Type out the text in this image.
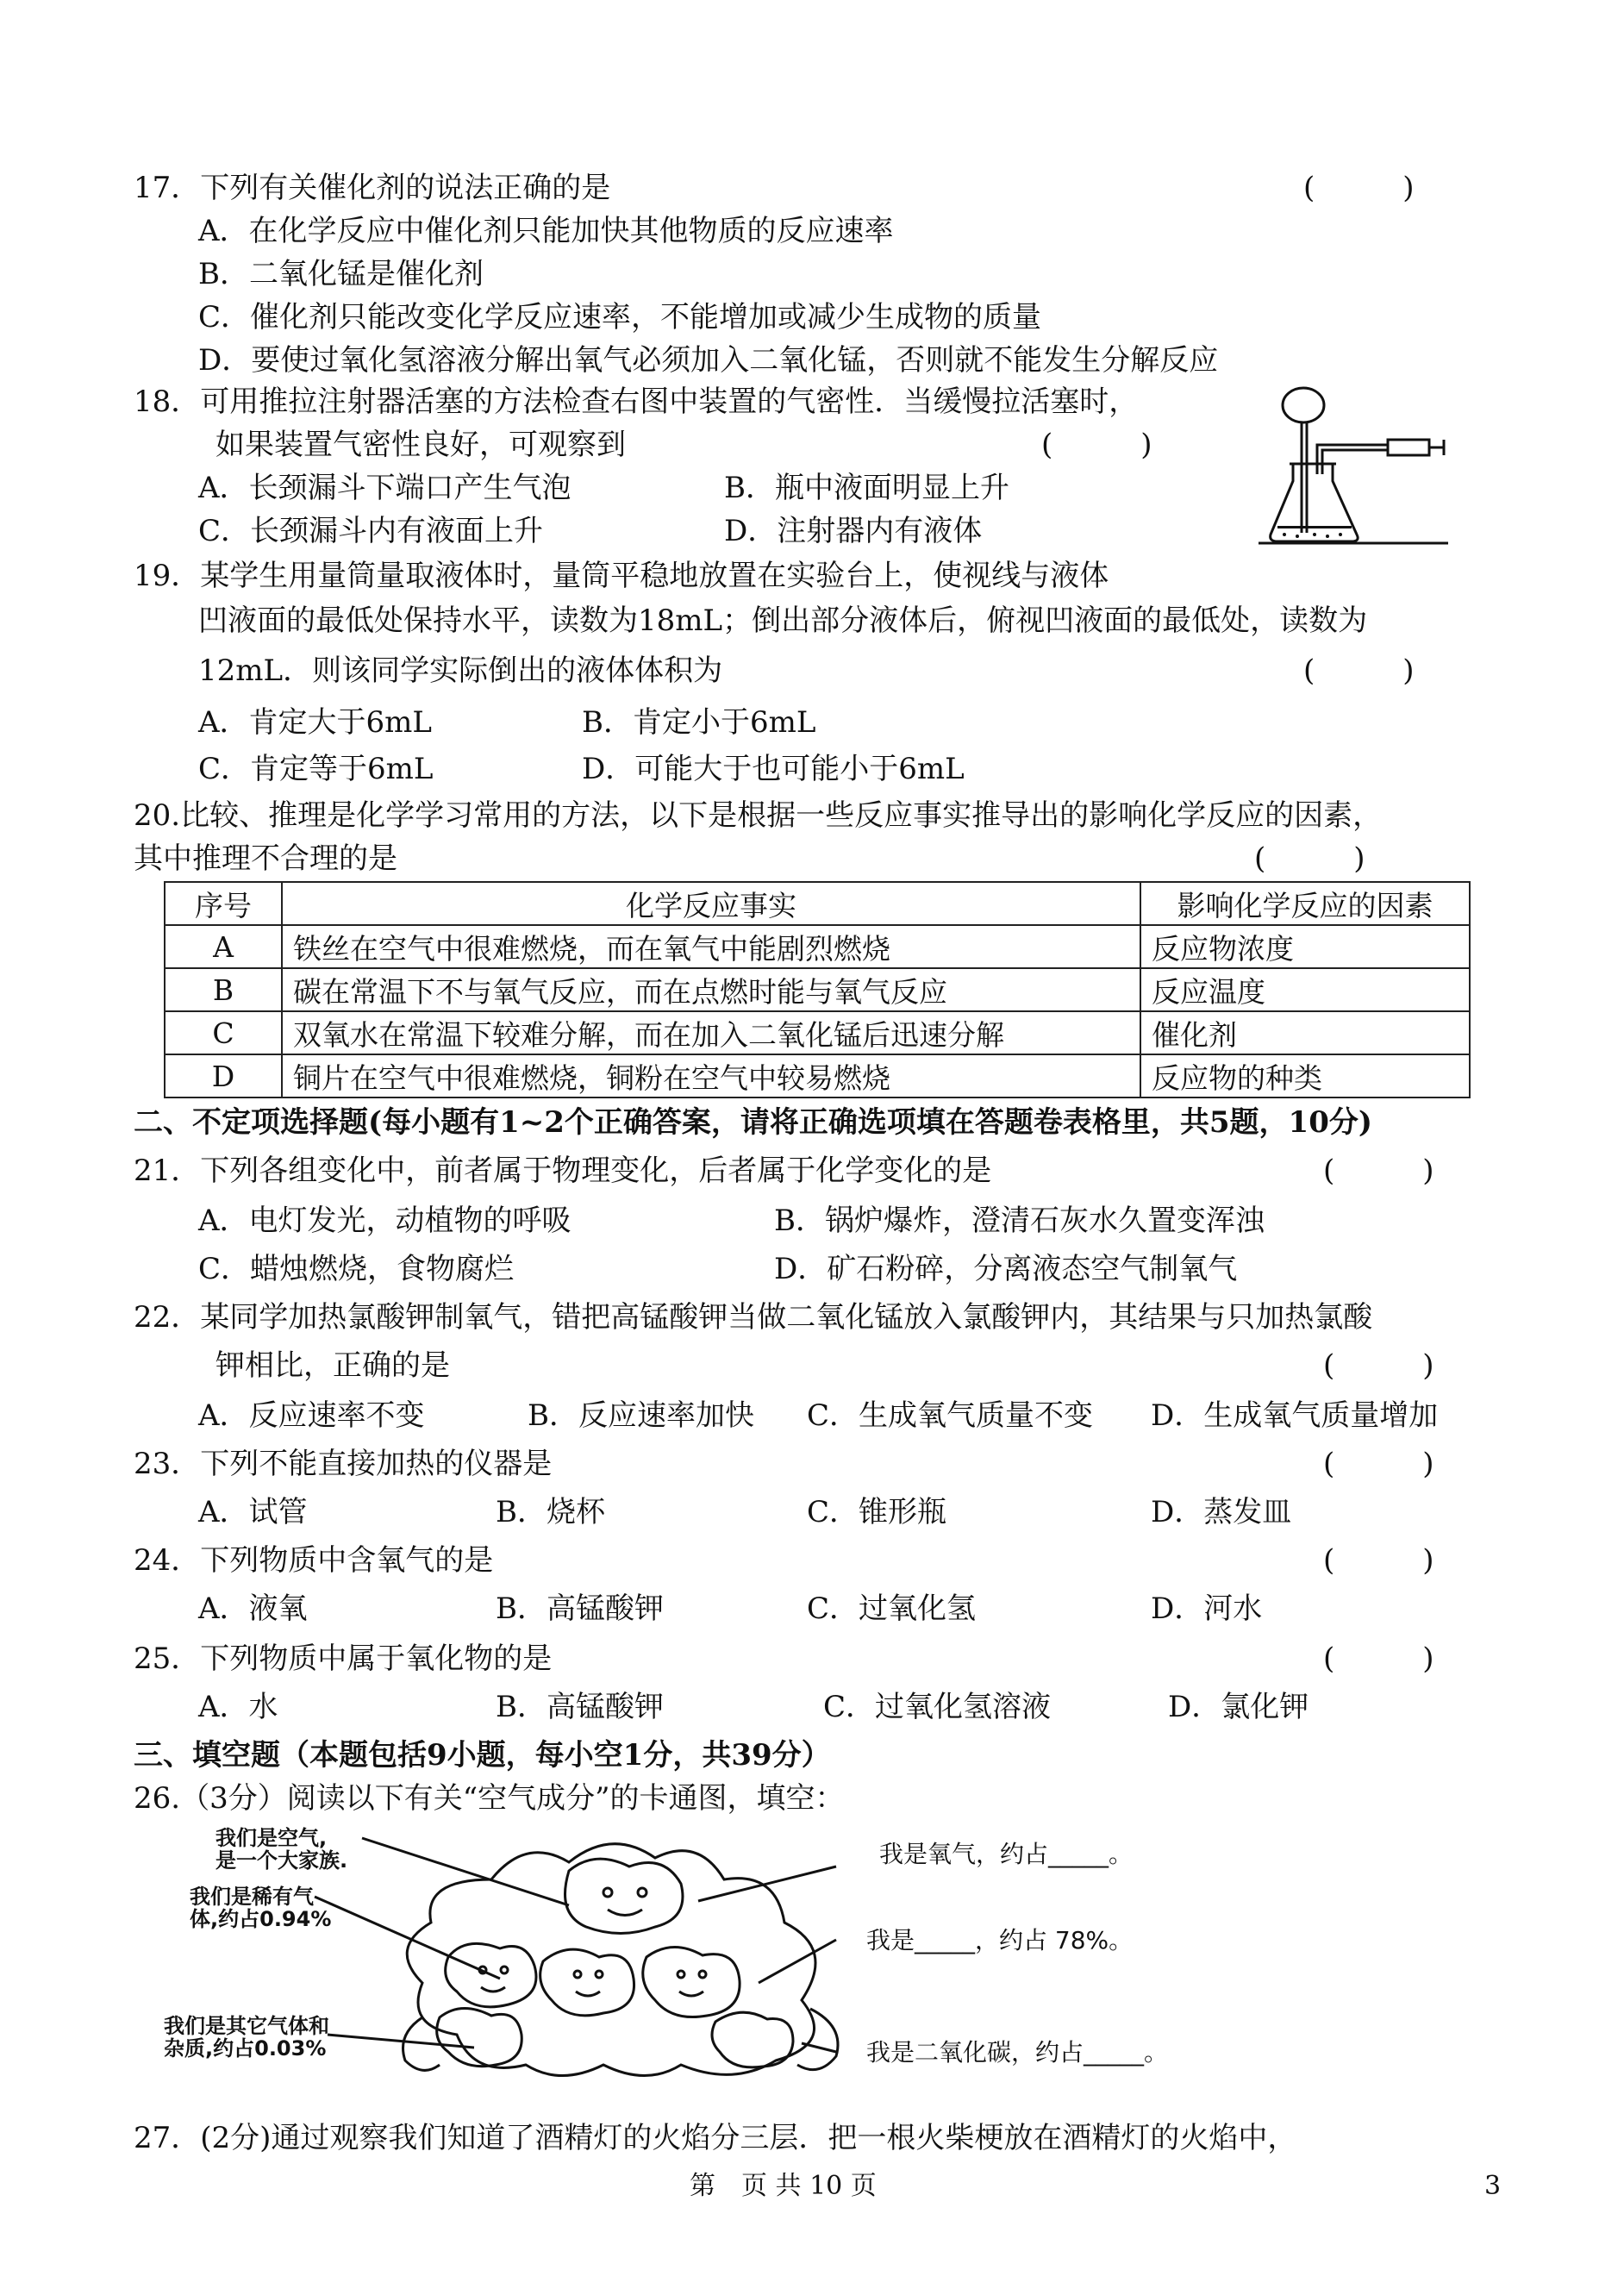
17．下列有关催化剂的说法正确的是	(　　　)
A．在化学反应中催化剂只能加快其他物质的反应速率
B．二氧化锰是催化剂
C．催化剂只能改变化学反应速率，不能增加或减少生成物的质量
D．要使过氧化氢溶液分解出氧气必须加入二氧化锰，否则就不能发生分解反应
18．可用推拉注射器活塞的方法检查右图中装置的气密性．当缓慢拉活塞时，
如果装置气密性良好，可观察到	(　　　)
A．长颈漏斗下端口产生气泡	B．瓶中液面明显上升
C．长颈漏斗内有液面上升	D．注射器内有液体
19．某学生用量筒量取液体时，量筒平稳地放置在实验台上，使视线与液体
凹液面的最低处保持水平，读数为18mL；倒出部分液体后，俯视凹液面的最低处，读数为
12mL．则该同学实际倒出的液体体积为	(　　　)
A．肯定大于6mL	B．肯定小于6mL
C．肯定等于6mL	D．可能大于也可能小于6mL
20.比较、推理是化学学习常用的方法，以下是根据一些反应事实推导出的影响化学反应的因素，
其中推理不合理的是	(　　　)
序号	化学反应事实	影响化学反应的因素
A	铁丝在空气中很难燃烧，而在氧气中能剧烈燃烧	反应物浓度
B	碳在常温下不与氧气反应，而在点燃时能与氧气反应	反应温度
C	双氧水在常温下较难分解，而在加入二氧化锰后迅速分解	催化剂
D	铜片在空气中很难燃烧，铜粉在空气中较易燃烧	反应物的种类
二、不定项选择题(每小题有1~2个正确答案，请将正确选项填在答题卷表格里，共5题，10分)
21．下列各组变化中，前者属于物理变化，后者属于化学变化的是	(　　　)
A．电灯发光，动植物的呼吸	B．锅炉爆炸，澄清石灰水久置变浑浊
C．蜡烛燃烧，食物腐烂	D．矿石粉碎，分离液态空气制氧气
22．某同学加热氯酸钾制氧气，错把高锰酸钾当做二氧化锰放入氯酸钾内，其结果与只加热氯酸
钾相比，正确的是	(　　　)
A．反应速率不变	B．反应速率加快 C．生成氧气质量不变 D．生成氧气质量增加
23．下列不能直接加热的仪器是	(　　　)
A．试管	B．烧杯	C．锥形瓶	D．蒸发皿
24．下列物质中含氧气的是	(　　　)
A．液氧	B．高锰酸钾	C．过氧化氢	D．河水
25．下列物质中属于氧化物的是	(　　　)
A．水	B．高锰酸钾	C．过氧化氢溶液	D．氯化钾
三、填空题（本题包括9小题，每小空1分，共39分）
26.（3分）阅读以下有关“空气成分”的卡通图，填空：
我们是空气,
是一个大家族.
我们是稀有气
体,约占0.94%
我们是其它气体和
杂质,约占0.03%
我是氧气，约占_____。
我是_____，约占 78%。
我是二氧化碳，约占_____。
27．(2分)通过观察我们知道了酒精灯的火焰分三层．把一根火柴梗放在酒精灯的火焰中，
第　页 共 10 页	3
